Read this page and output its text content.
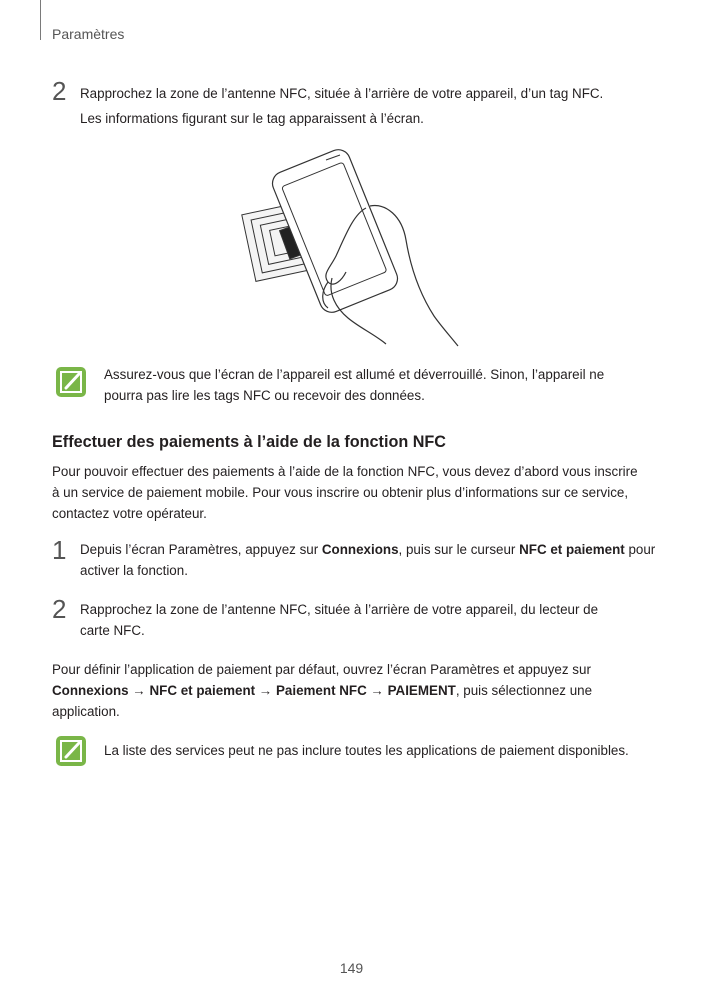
Paramètres
2 Rapprochez la zone de l’antenne NFC, située à l’arrière de votre appareil, d’un tag NFC.
Les informations figurant sur le tag apparaissent à l’écran.
Assurez-vous que l’écran de l’appareil est allumé et déverrouillé. Sinon, l’appareil ne pourra pas lire les tags NFC ou recevoir des données.
Effectuer des paiements à l’aide de la fonction NFC
Pour pouvoir effectuer des paiements à l’aide de la fonction NFC, vous devez d’abord vous inscrire à un service de paiement mobile. Pour vous inscrire ou obtenir plus d’informations sur ce service, contactez votre opérateur.
1 Depuis l’écran Paramètres, appuyez sur Connexions, puis sur le curseur NFC et paiement pour activer la fonction.
2 Rapprochez la zone de l’antenne NFC, située à l’arrière de votre appareil, du lecteur de carte NFC.
Pour définir l’application de paiement par défaut, ouvrez l’écran Paramètres et appuyez sur Connexions → NFC et paiement → Paiement NFC → PAIEMENT, puis sélectionnez une application.
La liste des services peut ne pas inclure toutes les applications de paiement disponibles.
149
